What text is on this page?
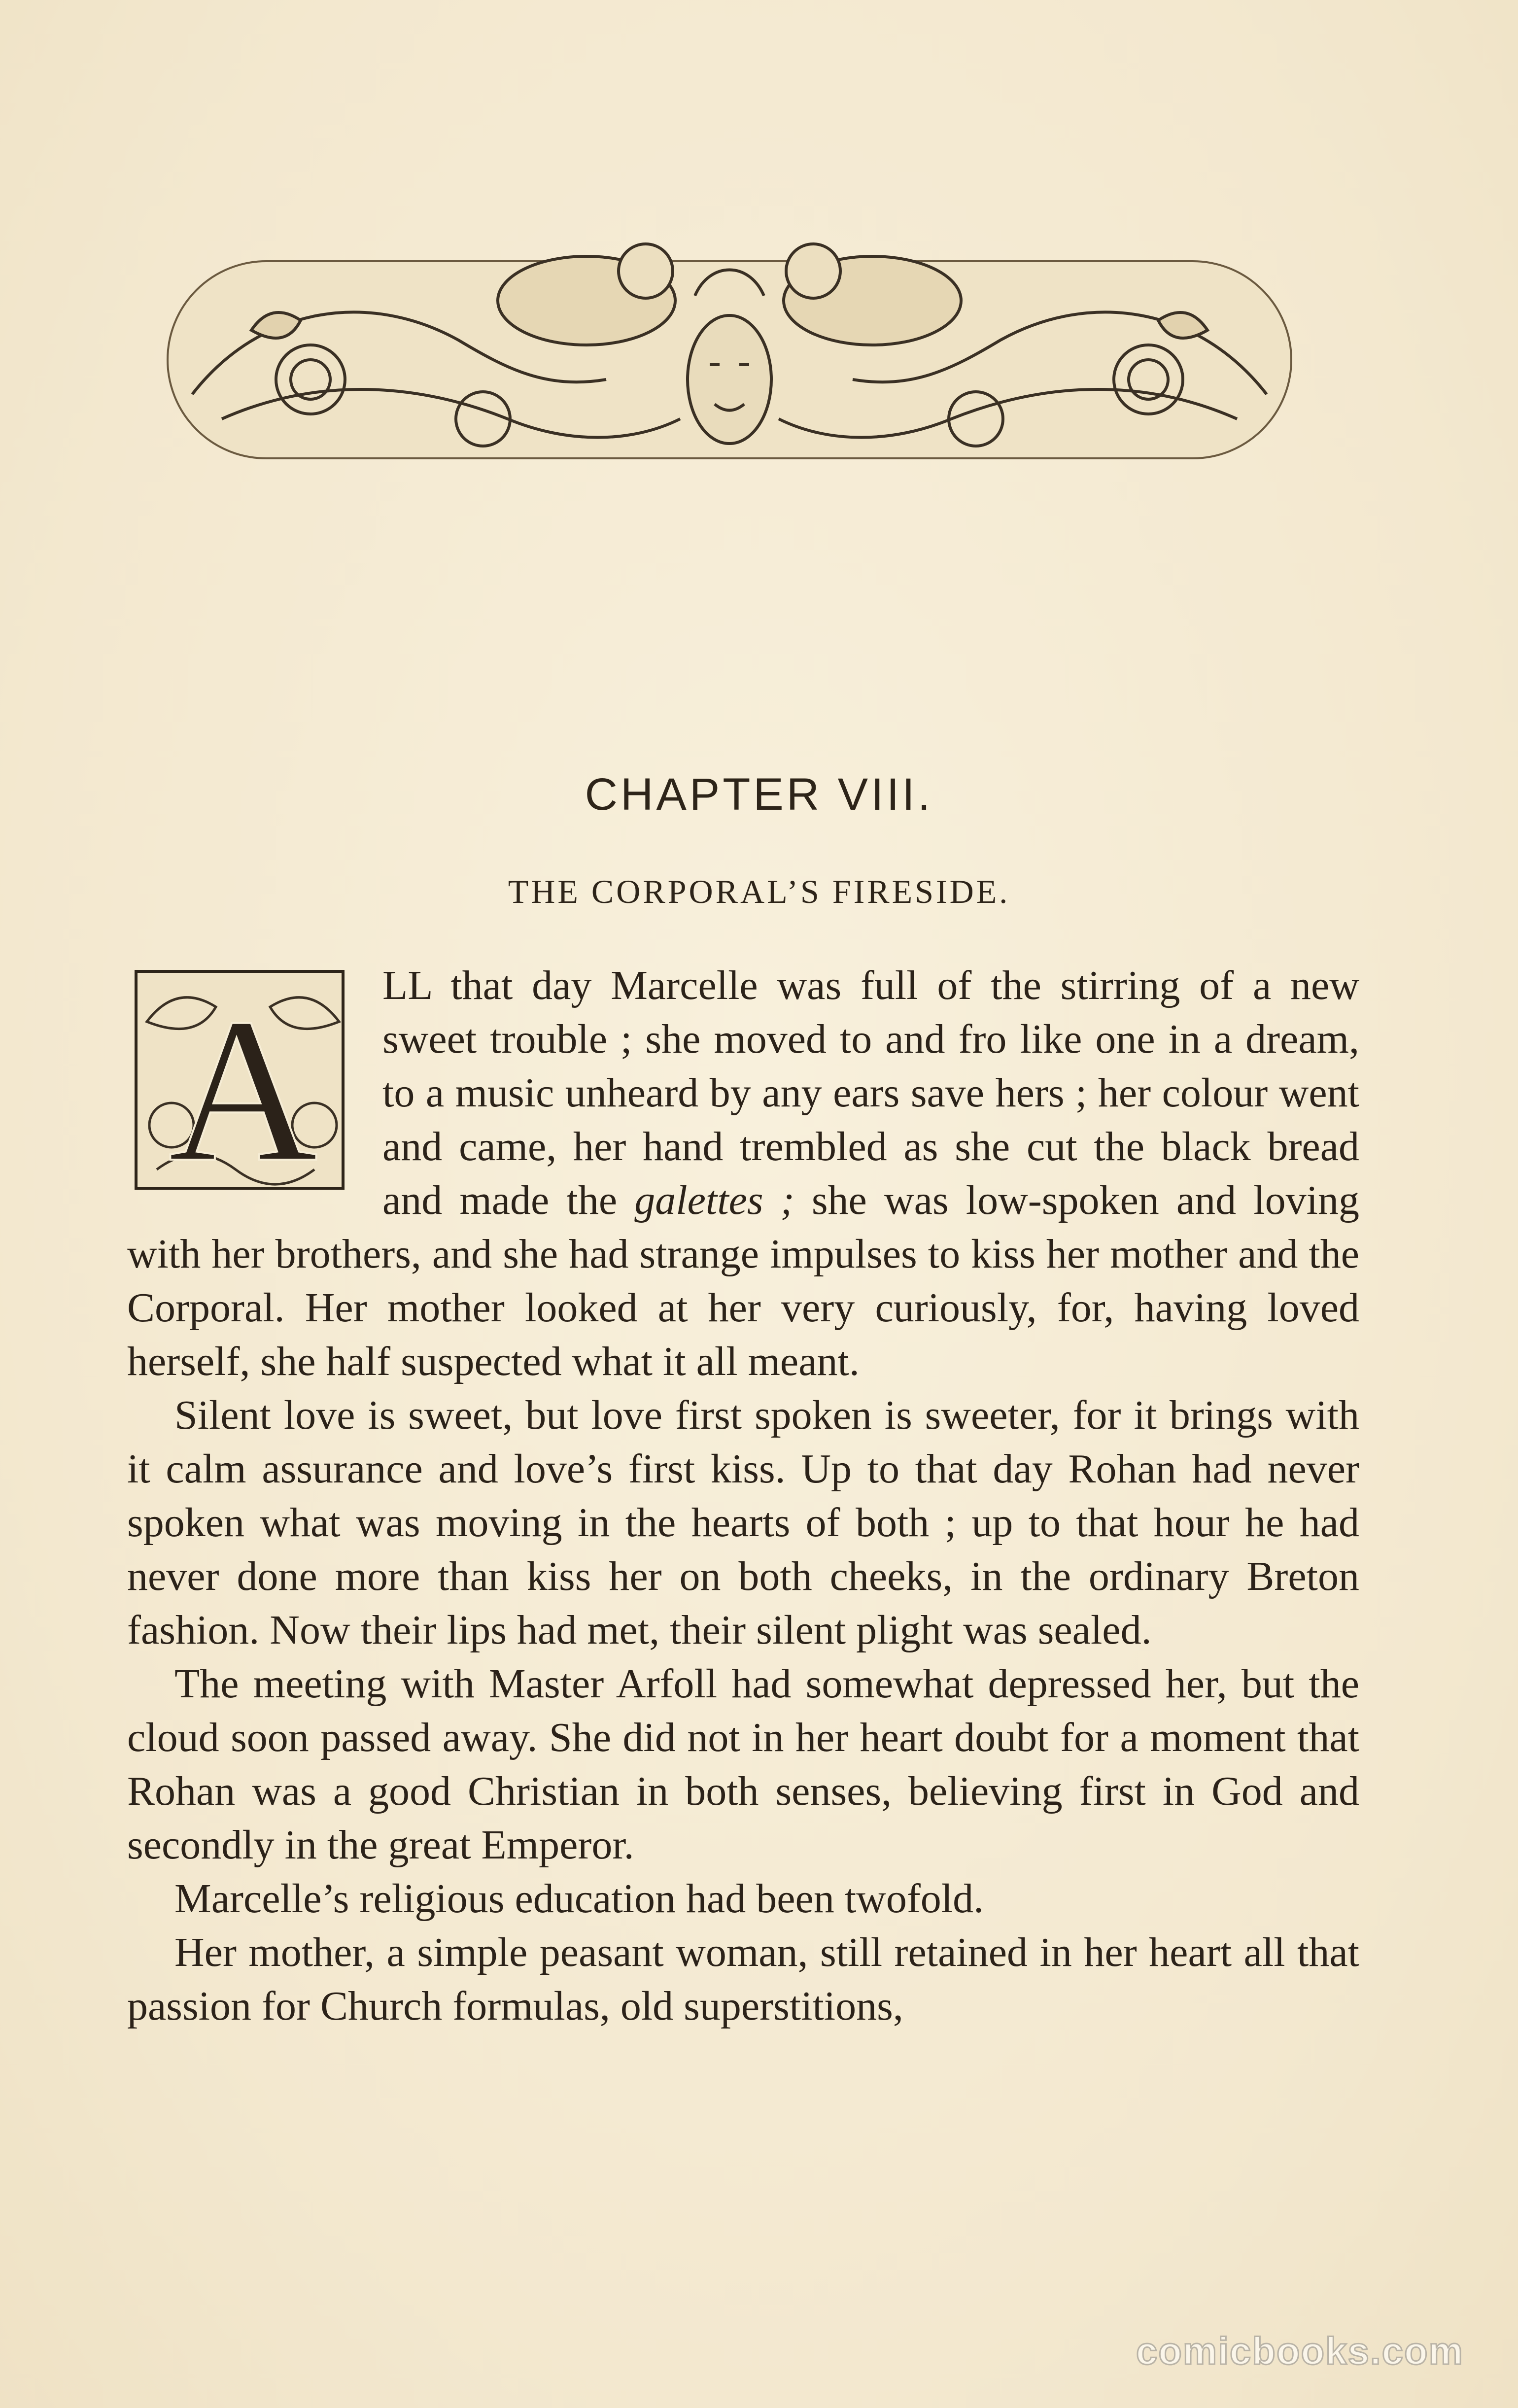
CHAPTER VIII.
THE CORPORAL’S FIRESIDE.
A	LL that day Marcelle was full of the stirring of a new sweet trouble ; she moved to and fro like one in a dream, to a music unheard by any ears save hers ; her colour went and came, her hand trembled as she cut the black bread and made the galettes ; she was low-spoken and loving with her brothers, and she had strange impulses to kiss her mother and the Corporal. Her mother looked at her very curiously, for, having loved herself, she half suspected what it all meant.

Silent love is sweet, but love first spoken is sweeter, for it brings with it calm assurance and love’s first kiss. Up to that day Rohan had never spoken what was moving in the hearts of both ; up to that hour he had never done more than kiss her on both cheeks, in the ordinary Breton fashion. Now their lips had met, their silent plight was sealed.

The meeting with Master Arfoll had somewhat depressed her, but the cloud soon passed away. She did not in her heart doubt for a moment that Rohan was a good Christian in both senses, believing first in God and secondly in the great Emperor.

Marcelle’s religious education had been twofold.

Her mother, a simple peasant woman, still retained in her heart all that passion for Church formulas, old superstitions,

comicbooks.com
